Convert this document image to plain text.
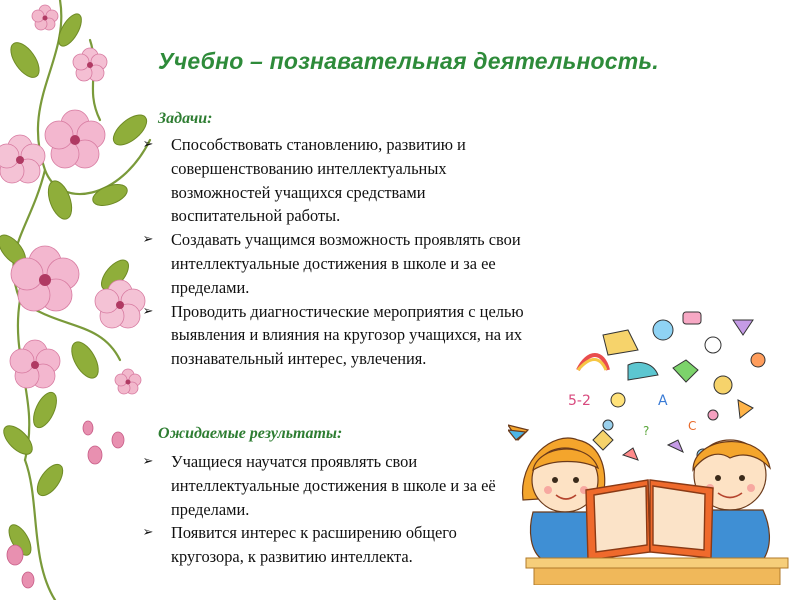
Учебно – познавательная деятельность.
Задачи:
➢ Способствовать становлению, развитию и совершенствованию интеллектуальных возможностей учащихся средствами воспитательной работы.
➢ Создавать учащимся возможность проявлять свои интеллектуальные достижения в школе и за ее пределами.
➢ Проводить диагностические мероприятия с целью выявления и влияния на кругозор учащихся, на их познавательный интерес, увлечения.
Ожидаемые результаты:
➢ Учащиеся научатся проявлять свои интеллектуальные достижения в школе и за её пределами.
➢ Появится интерес к расширению общего кругозора, к развитию интеллекта.
5-2	A
C
?
